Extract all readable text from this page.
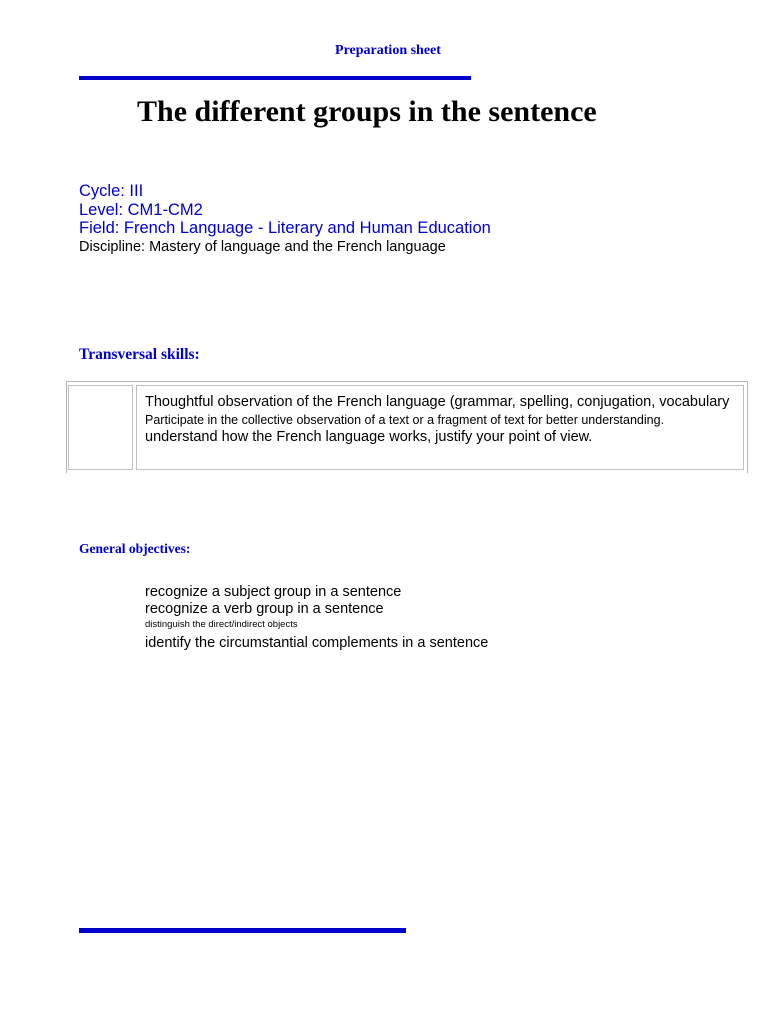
Preparation sheet
The different groups in the sentence
Cycle: III
Level: CM1-CM2
Field: French Language - Literary and Human Education
Discipline: Mastery of language and the French language
Transversal skills:
Thoughtful observation of the French language (grammar, spelling, conjugation, vocabulary
Participate in the collective observation of a text or a fragment of text for better understanding.
understand how the French language works, justify your point of view.
General objectives:
recognize a subject group in a sentence
recognize a verb group in a sentence
distinguish the direct/indirect objects
identify the circumstantial complements in a sentence
